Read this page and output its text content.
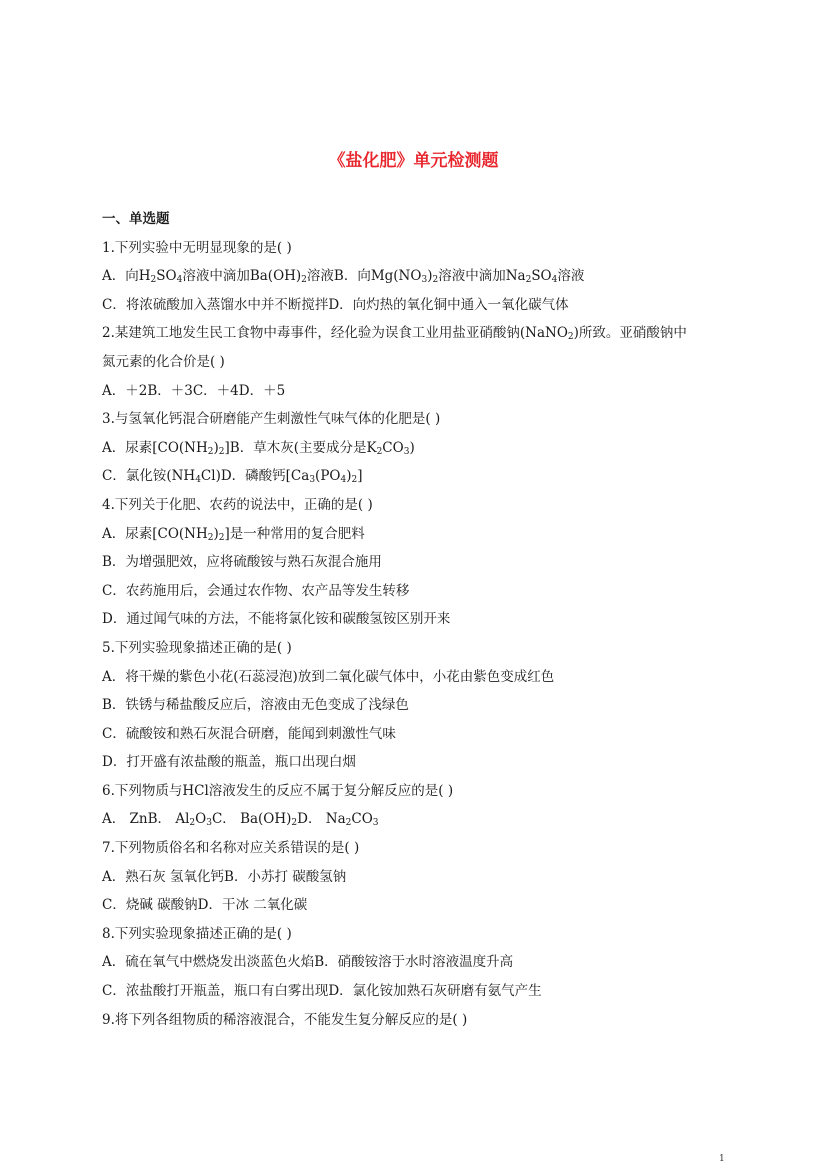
《盐化肥》单元检测题
一、单选题
1.下列实验中无明显现象的是( )
A．向$H_2SO_4$溶液中滴加$Ba(OH)_2$溶液B．向$Mg(NO_3)_2$溶液中滴加$Na_2SO_4$溶液
C．将浓硫酸加入蒸馏水中并不断搅拌D．向灼热的氧化铜中通入一氧化碳气体
2.某建筑工地发生民工食物中毒事件，经化验为误食工业用盐亚硝酸钠(NaNO$_2$)所致。亚硝酸钠中
氮元素的化合价是( )
A．＋2B．＋3C．＋4D．＋5
3.与氢氧化钙混合研磨能产生刺激性气味气体的化肥是( )
A．尿素$[CO(NH_2)_2]B$．草木灰(主要成分是$K_2CO_3$)
C．氯化铵$(NH_4Cl)D$．磷酸钙$[Ca_3(PO_4)_2]$
4.下列关于化肥、农药的说法中，正确的是( )
A．尿素$[CO(NH_2)_2]$是一种常用的复合肥料
B．为增强肥效，应将硫酸铵与熟石灰混合施用
C．农药施用后，会通过农作物、农产品等发生转移
D．通过闻气味的方法，不能将氯化铵和碳酸氢铵区别开来
5.下列实验现象描述正确的是( )
A．将干燥的紫色小花(石蕊浸泡)放到二氧化碳气体中，小花由紫色变成红色
B．铁锈与稀盐酸反应后，溶液由无色变成了浅绿色
C．硫酸铵和熟石灰混合研磨，能闻到刺激性气味
D．打开盛有浓盐酸的瓶盖，瓶口出现白烟
6.下列物质与HCl溶液发生的反应不属于复分解反应的是( )
A． ZnB． $Al_2O_3C$． $Ba(OH)_2D$． $Na_2CO_3$
7.下列物质俗名和名称对应关系错误的是( )
A．熟石灰 氢氧化钙B．小苏打 碳酸氢钠
C．烧碱 碳酸钠D．干冰 二氧化碳
8.下列实验现象描述正确的是( )
A．硫在氧气中燃烧发出淡蓝色火焰B．硝酸铵溶于水时溶液温度升高
C．浓盐酸打开瓶盖，瓶口有白雾出现D．氯化铵加熟石灰研磨有氨气产生
9.将下列各组物质的稀溶液混合，不能发生复分解反应的是( )
1
